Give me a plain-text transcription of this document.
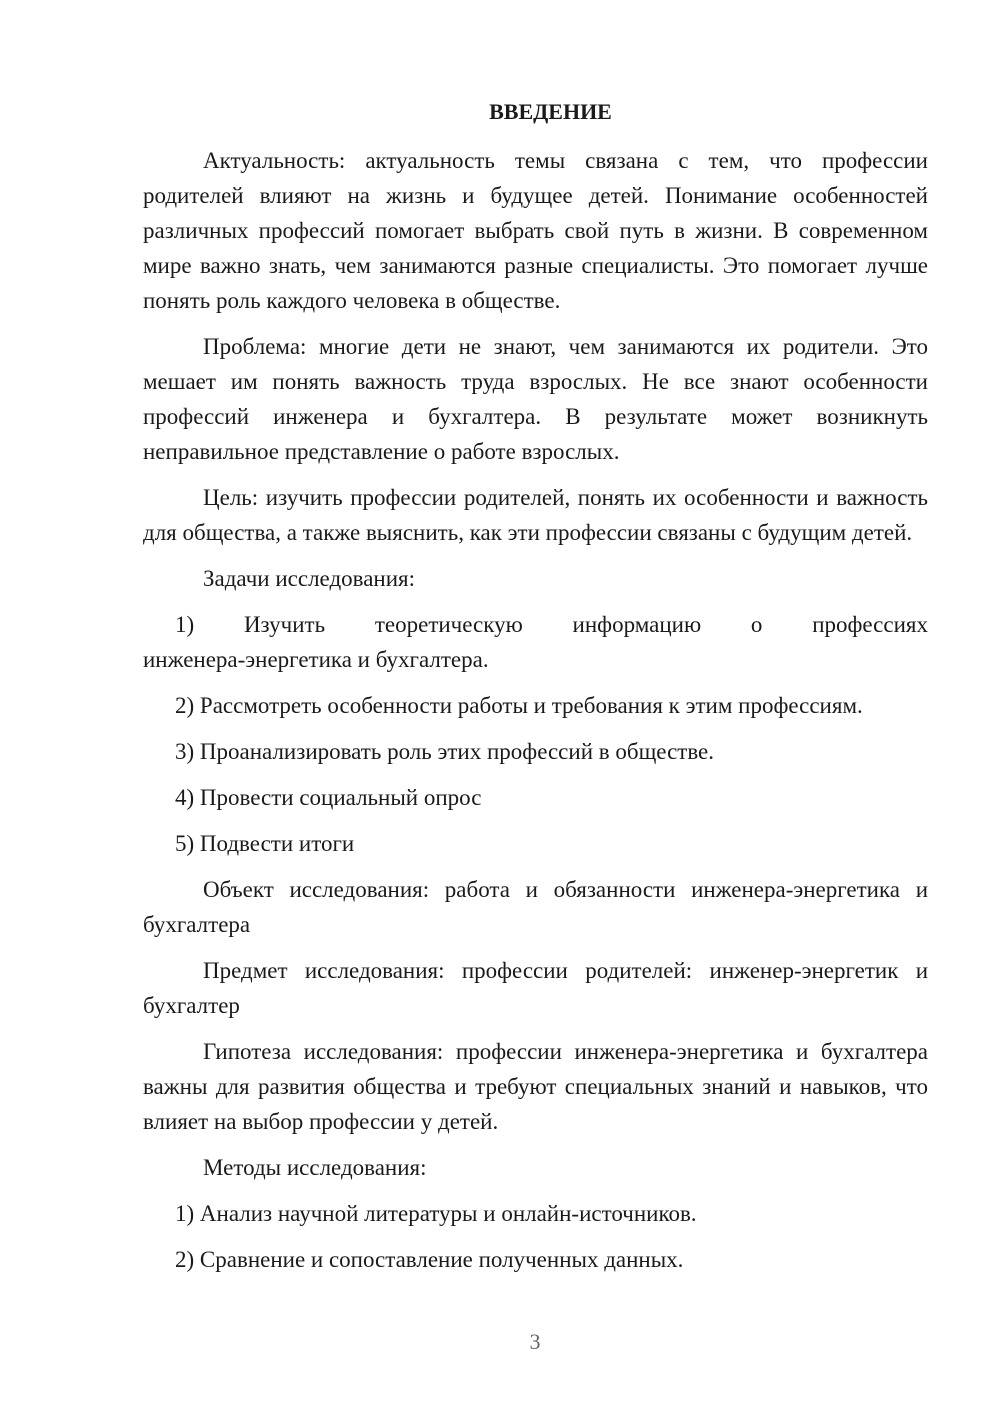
ВВЕДЕНИЕ

Актуальность: актуальность темы связана с тем, что профессии родителей влияют на жизнь и будущее детей. Понимание особенностей различных профессий помогает выбрать свой путь в жизни. В современном мире важно знать, чем занимаются разные специалисты. Это помогает лучше понять роль каждого человека в обществе.

Проблема: многие дети не знают, чем занимаются их родители. Это мешает им понять важность труда взрослых. Не все знают особенности профессий инженера и бухгалтера. В результате может возникнуть неправильное представление о работе взрослых.

Цель: изучить профессии родителей, понять их особенности и важность для общества, а также выяснить, как эти профессии связаны с будущим детей.

Задачи исследования:

1) Изучить теоретическую информацию о профессиях

инженера-энергетика и бухгалтера.

2) Рассмотреть особенности работы и требования к этим профессиям.

3) Проанализировать роль этих профессий в обществе.

4) Провести социальный опрос

5) Подвести итоги

Объект исследования: работа и обязанности инженера-энергетика и бухгалтера

Предмет исследования: профессии родителей: инженер-энергетик и бухгалтер

Гипотеза исследования: профессии инженера-энергетика и бухгалтера важны для развития общества и требуют специальных знаний и навыков, что влияет на выбор профессии у детей.

Методы исследования:

1) Анализ научной литературы и онлайн-источников.

2) Сравнение и сопоставление полученных данных.

3
